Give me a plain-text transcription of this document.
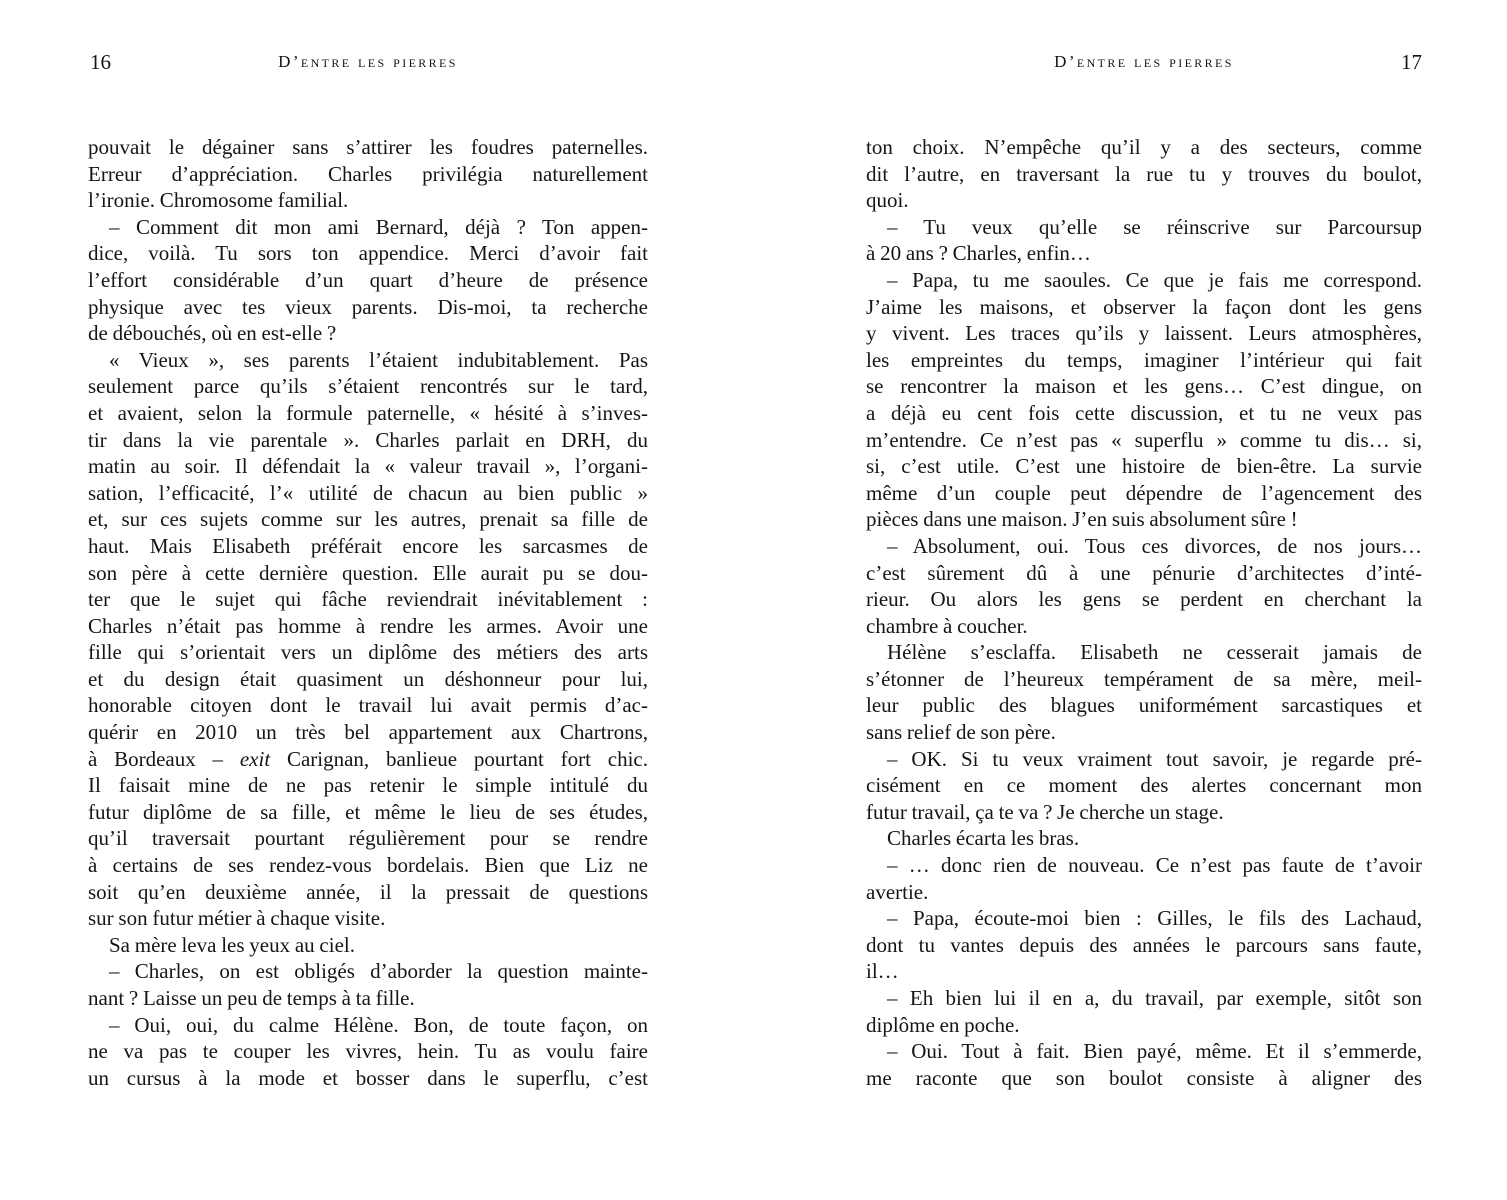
16	D’entre les pierres
pouvait le dégainer sans s’attirer les foudres paternelles.
Erreur d’appréciation. Charles privilégia naturellement
l’ironie. Chromosome familial.
– Comment dit mon ami Bernard, déjà ? Ton appen-
dice, voilà. Tu sors ton appendice. Merci d’avoir fait
l’effort considérable d’un quart d’heure de présence
physique avec tes vieux parents. Dis-moi, ta recherche
de débouchés, où en est-elle ?
« Vieux », ses parents l’étaient indubitablement. Pas
seulement parce qu’ils s’étaient rencontrés sur le tard,
et avaient, selon la formule paternelle, « hésité à s’inves-
tir dans la vie parentale ». Charles parlait en DRH, du
matin au soir. Il défendait la « valeur travail », l’organi-
sation, l’efficacité, l’« utilité de chacun au bien public »
et, sur ces sujets comme sur les autres, prenait sa fille de
haut. Mais Elisabeth préférait encore les sarcasmes de
son père à cette dernière question. Elle aurait pu se dou-
ter que le sujet qui fâche reviendrait inévitablement :
Charles n’était pas homme à rendre les armes. Avoir une
fille qui s’orientait vers un diplôme des métiers des arts
et du design était quasiment un déshonneur pour lui,
honorable citoyen dont le travail lui avait permis d’ac-
quérir en 2010 un très bel appartement aux Chartrons,
à Bordeaux – exit Carignan, banlieue pourtant fort chic.
Il faisait mine de ne pas retenir le simple intitulé du
futur diplôme de sa fille, et même le lieu de ses études,
qu’il traversait pourtant régulièrement pour se rendre
à certains de ses rendez-vous bordelais. Bien que Liz ne
soit qu’en deuxième année, il la pressait de questions
sur son futur métier à chaque visite.
Sa mère leva les yeux au ciel.
– Charles, on est obligés d’aborder la question mainte-
nant ? Laisse un peu de temps à ta fille.
– Oui, oui, du calme Hélène. Bon, de toute façon, on
ne va pas te couper les vivres, hein. Tu as voulu faire
un cursus à la mode et bosser dans le superflu, c’est
D’entre les pierres	17
ton choix. N’empêche qu’il y a des secteurs, comme
dit l’autre, en traversant la rue tu y trouves du boulot,
quoi.
– Tu veux qu’elle se réinscrive sur Parcoursup
à 20 ans ? Charles, enfin…
– Papa, tu me saoules. Ce que je fais me correspond.
J’aime les maisons, et observer la façon dont les gens
y vivent. Les traces qu’ils y laissent. Leurs atmosphères,
les empreintes du temps, imaginer l’intérieur qui fait
se rencontrer la maison et les gens… C’est dingue, on
a déjà eu cent fois cette discussion, et tu ne veux pas
m’entendre. Ce n’est pas « superflu » comme tu dis… si,
si, c’est utile. C’est une histoire de bien-être. La survie
même d’un couple peut dépendre de l’agencement des
pièces dans une maison. J’en suis absolument sûre !
– Absolument, oui. Tous ces divorces, de nos jours…
c’est sûrement dû à une pénurie d’architectes d’inté-
rieur. Ou alors les gens se perdent en cherchant la
chambre à coucher.
Hélène s’esclaffa. Elisabeth ne cesserait jamais de
s’étonner de l’heureux tempérament de sa mère, meil-
leur public des blagues uniformément sarcastiques et
sans relief de son père.
– OK. Si tu veux vraiment tout savoir, je regarde pré-
cisément en ce moment des alertes concernant mon
futur travail, ça te va ? Je cherche un stage.
Charles écarta les bras.
– … donc rien de nouveau. Ce n’est pas faute de t’avoir
avertie.
– Papa, écoute-moi bien : Gilles, le fils des Lachaud,
dont tu vantes depuis des années le parcours sans faute,
il…
– Eh bien lui il en a, du travail, par exemple, sitôt son
diplôme en poche.
– Oui. Tout à fait. Bien payé, même. Et il s’emmerde,
me raconte que son boulot consiste à aligner des
